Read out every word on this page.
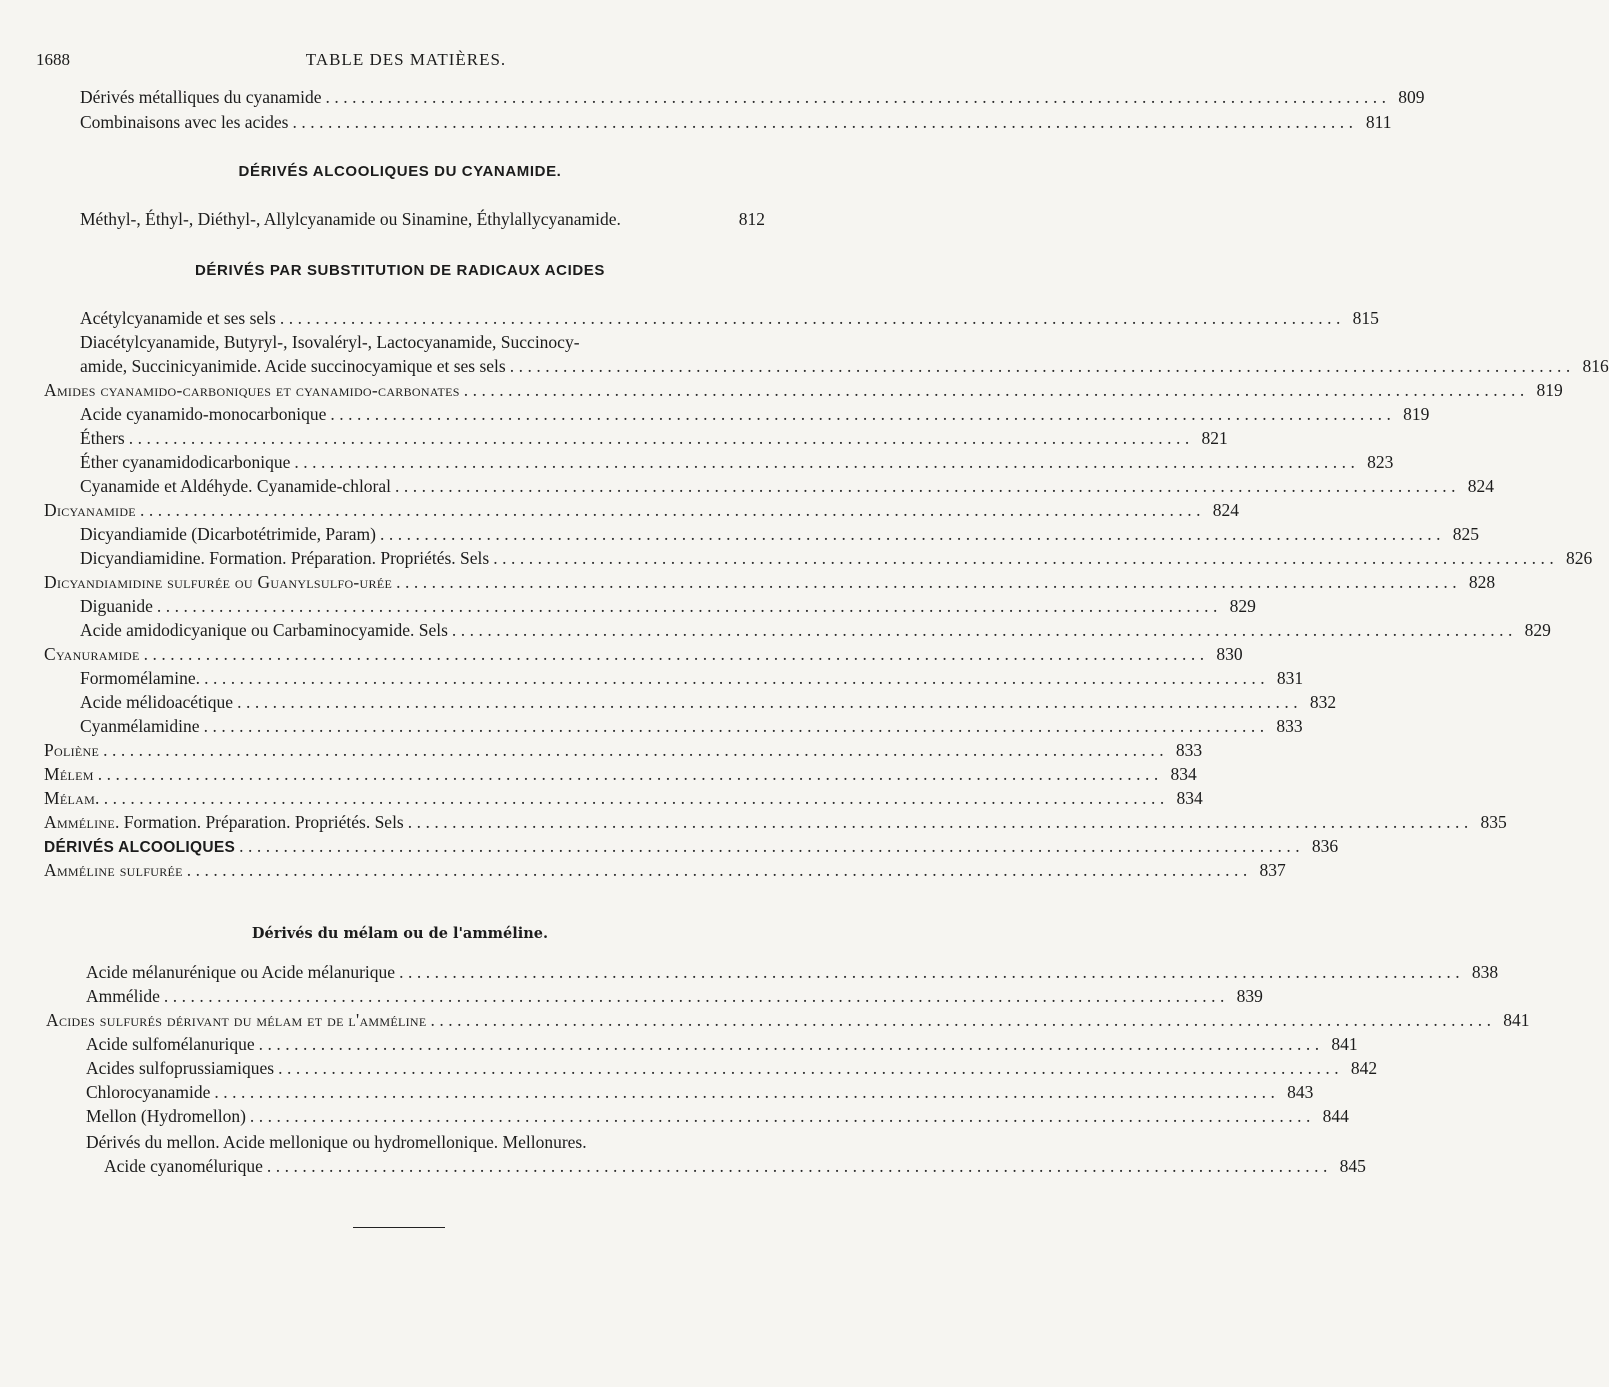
1688	TABLE DES MATIÈRES.
Dérivés métalliques du cyanamide ........................................................................................................................ 809
Combinaisons avec les acides ........................................................................................................................ 811
DÉRIVÉS ALCOOLIQUES DU CYANAMIDE.
Méthyl-, Éthyl-, Diéthyl-, Allylcyanamide ou Sinamine, Éthylallycyanamide.	812
DÉRIVÉS PAR SUBSTITUTION DE RADICAUX ACIDES
Acétylcyanamide et ses sels ........................................................................................................................ 815
Diacétylcyanamide, Butyryl-, Isovaléryl-, Lactocyanamide, Succinocy-
amide, Succinicyanimide. Acide succinocyamique et ses sels ........................................................................................................................ 816
Amides cyanamido-carboniques et cyanamido-carbonates ........................................................................................................................ 819
Acide cyanamido-monocarbonique ........................................................................................................................ 819
Éthers ........................................................................................................................ 821
Éther cyanamidodicarbonique ........................................................................................................................ 823
Cyanamide et Aldéhyde. Cyanamide-chloral ........................................................................................................................ 824
Dicyanamide ........................................................................................................................ 824
Dicyandiamide (Dicarbotétrimide, Param) ........................................................................................................................ 825
Dicyandiamidine. Formation. Préparation. Propriétés. Sels ........................................................................................................................ 826
Dicyandiamidine sulfurée ou Guanylsulfo-urée ........................................................................................................................ 828
Diguanide ........................................................................................................................ 829
Acide amidodicyanique ou Carbaminocyamide. Sels ........................................................................................................................ 829
Cyanuramide ........................................................................................................................ 830
Formomélamine. ........................................................................................................................ 831
Acide mélidoacétique ........................................................................................................................ 832
Cyanmélamidine ........................................................................................................................ 833
Poliène ........................................................................................................................ 833
Mélem ........................................................................................................................ 834
Mélam. ........................................................................................................................ 834
Amméline. Formation. Préparation. Propriétés. Sels ........................................................................................................................ 835
DÉRIVÉS ALCOOLIQUES ........................................................................................................................ 836
Amméline sulfurée ........................................................................................................................ 837
Dérivés du mélam ou de l'amméline.
Acide mélanurénique ou Acide mélanurique ........................................................................................................................ 838
Ammélide ........................................................................................................................ 839
Acides sulfurés dérivant du mélam et de l'amméline ........................................................................................................................ 841
Acide sulfomélanurique ........................................................................................................................ 841
Acides sulfoprussiamiques ........................................................................................................................ 842
Chlorocyanamide ........................................................................................................................ 843
Mellon (Hydromellon) ........................................................................................................................ 844
Dérivés du mellon. Acide mellonique ou hydromellonique. Mellonures.
Acide cyanomélurique ........................................................................................................................ 845
